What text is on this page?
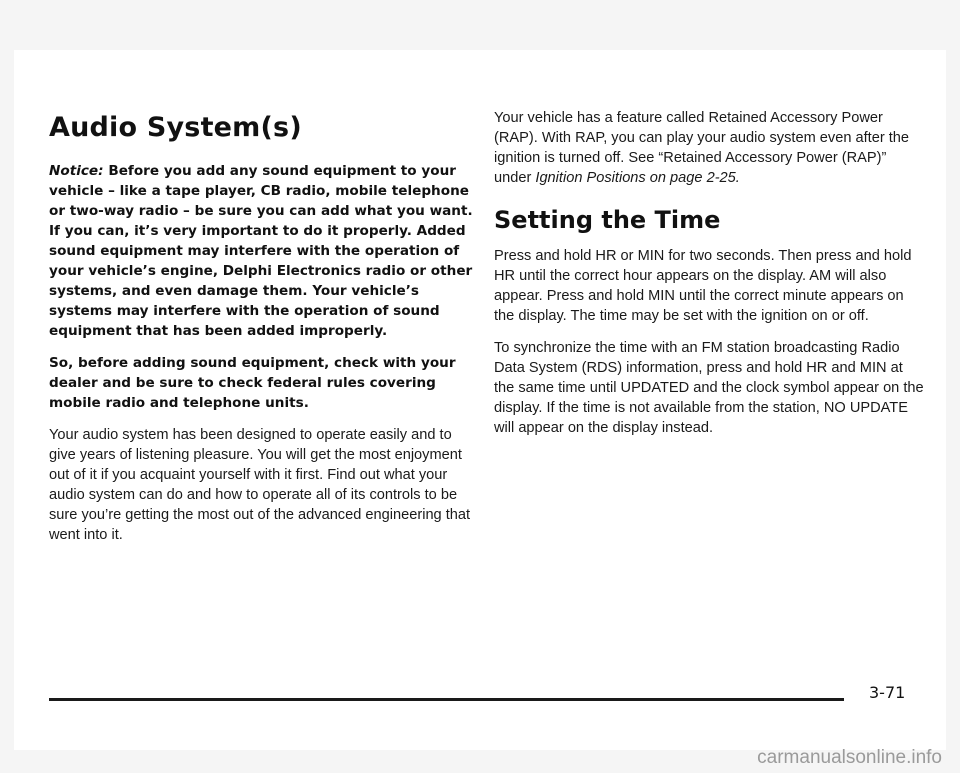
Audio System(s)

Notice: Before you add any sound equipment to your vehicle – like a tape player, CB radio, mobile telephone or two-way radio – be sure you can add what you want. If you can, it’s very important to do it properly. Added sound equipment may interfere with the operation of your vehicle’s engine, Delphi Electronics radio or other systems, and even damage them. Your vehicle’s systems may interfere with the operation of sound equipment that has been added improperly.

So, before adding sound equipment, check with your dealer and be sure to check federal rules covering mobile radio and telephone units.

Your audio system has been designed to operate easily and to give years of listening pleasure. You will get the most enjoyment out of it if you acquaint yourself with it first. Find out what your audio system can do and how to operate all of its controls to be sure you’re getting the most out of the advanced engineering that went into it.

Your vehicle has a feature called Retained Accessory Power (RAP). With RAP, you can play your audio system even after the ignition is turned off. See “Retained Accessory Power (RAP)” under Ignition Positions on page 2-25.

Setting the Time

Press and hold HR or MIN for two seconds. Then press and hold HR until the correct hour appears on the display. AM will also appear. Press and hold MIN until the correct minute appears on the display. The time may be set with the ignition on or off.

To synchronize the time with an FM station broadcasting Radio Data System (RDS) information, press and hold HR and MIN at the same time until UPDATED and the clock symbol appear on the display. If the time is not available from the station, NO UPDATE will appear on the display instead.

3-71
carmanualsonline.info
